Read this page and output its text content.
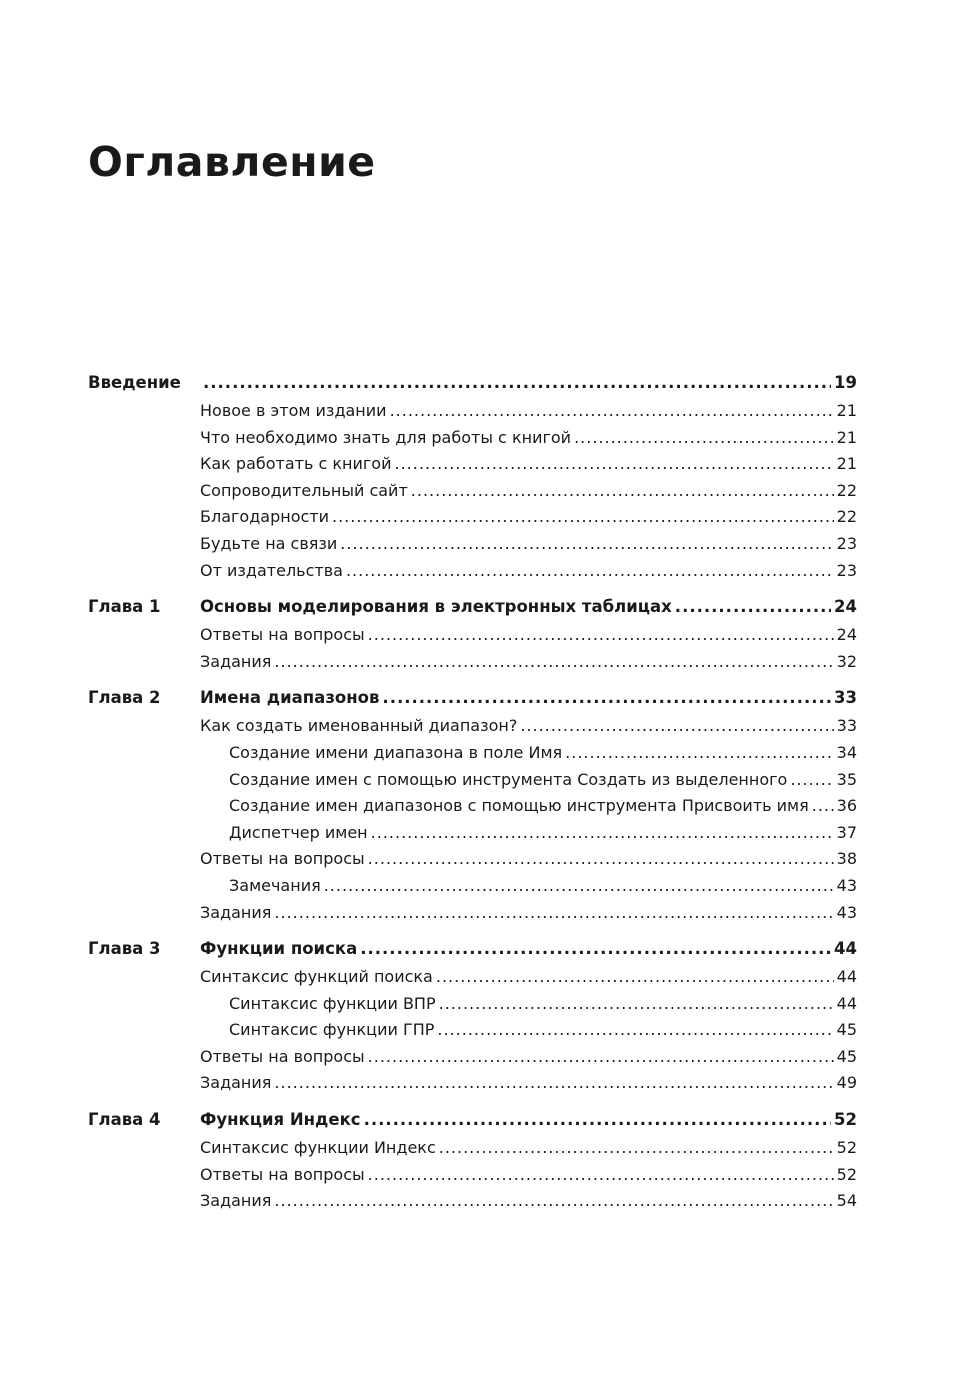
Оглавление
Введение .....	19
Новое в этом издании .....	21
Что необходимо знать для работы с книгой .....	21
Как работать с книгой .....	21
Сопроводительный сайт .....	22
Благодарности .....	22
Будьте на связи .....	23
От издательства .....	23
Глава 1	Основы моделирования в электронных таблицах .....	24
Ответы на вопросы .....	24
Задания .....	32
Глава 2	Имена диапазонов .....	33
Как создать именованный диапазон? .....	33
Создание имени диапазона в поле Имя .....	34
Создание имен с помощью инструмента Создать из выделенного .....	35
Создание имен диапазонов с помощью инструмента Присвоить имя ..... 36
Диспетчер имен .....	37
Ответы на вопросы .....	38
Замечания .....	43
Задания .....	43
Глава 3	Функции поиска .....	44
Синтаксис функций поиска .....	44
Синтаксис функции ВПР .....	44
Синтаксис функции ГПР .....	45
Ответы на вопросы .....	45
Задания .....	49
Глава 4	Функция Индекс .....	52
Синтаксис функции Индекс .....	52
Ответы на вопросы .....	52
Задания .....	54
